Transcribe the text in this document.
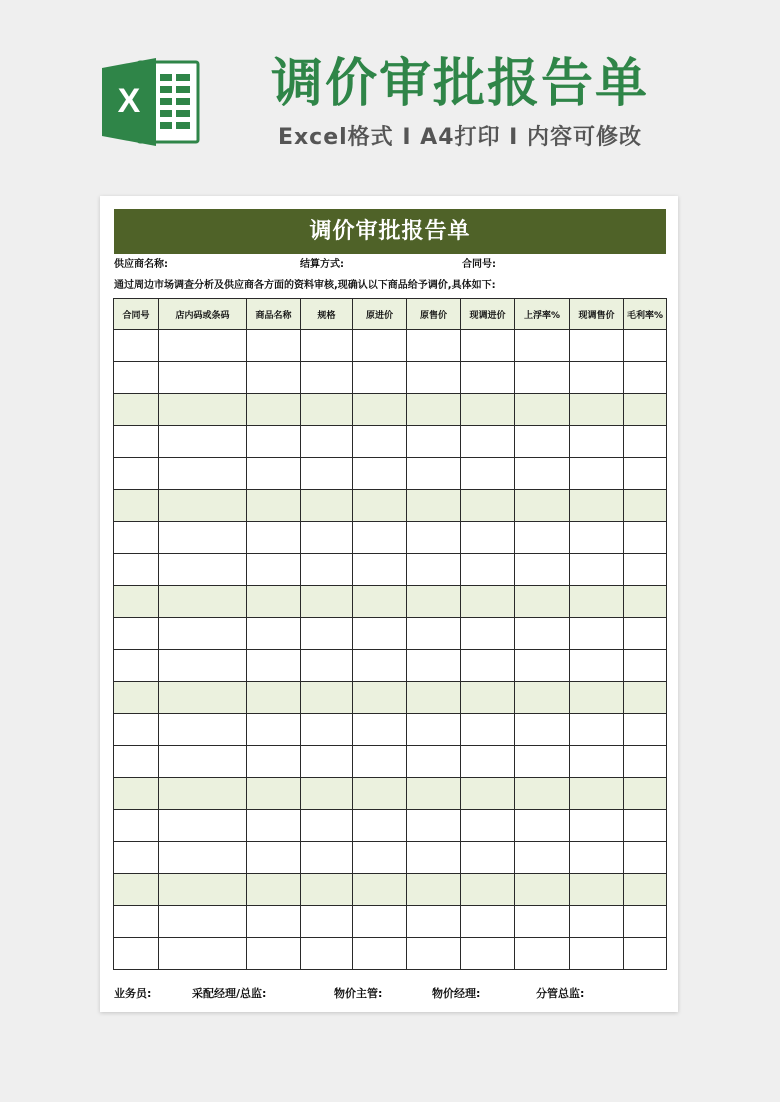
X	调价审批报告单
Excel格式 I A4打印 I 内容可修改
调价审批报告单
供应商名称:	结算方式:	合同号:
通过周边市场调查分析及供应商各方面的资料审核,现确认以下商品给予调价,具体如下:
合同号	店内码或条码	商品名称	规格	原进价	原售价	现调进价	上浮率%	现调售价	毛利率%

业务员:	采配经理/总监:	物价主管:	物价经理:	分管总监:
